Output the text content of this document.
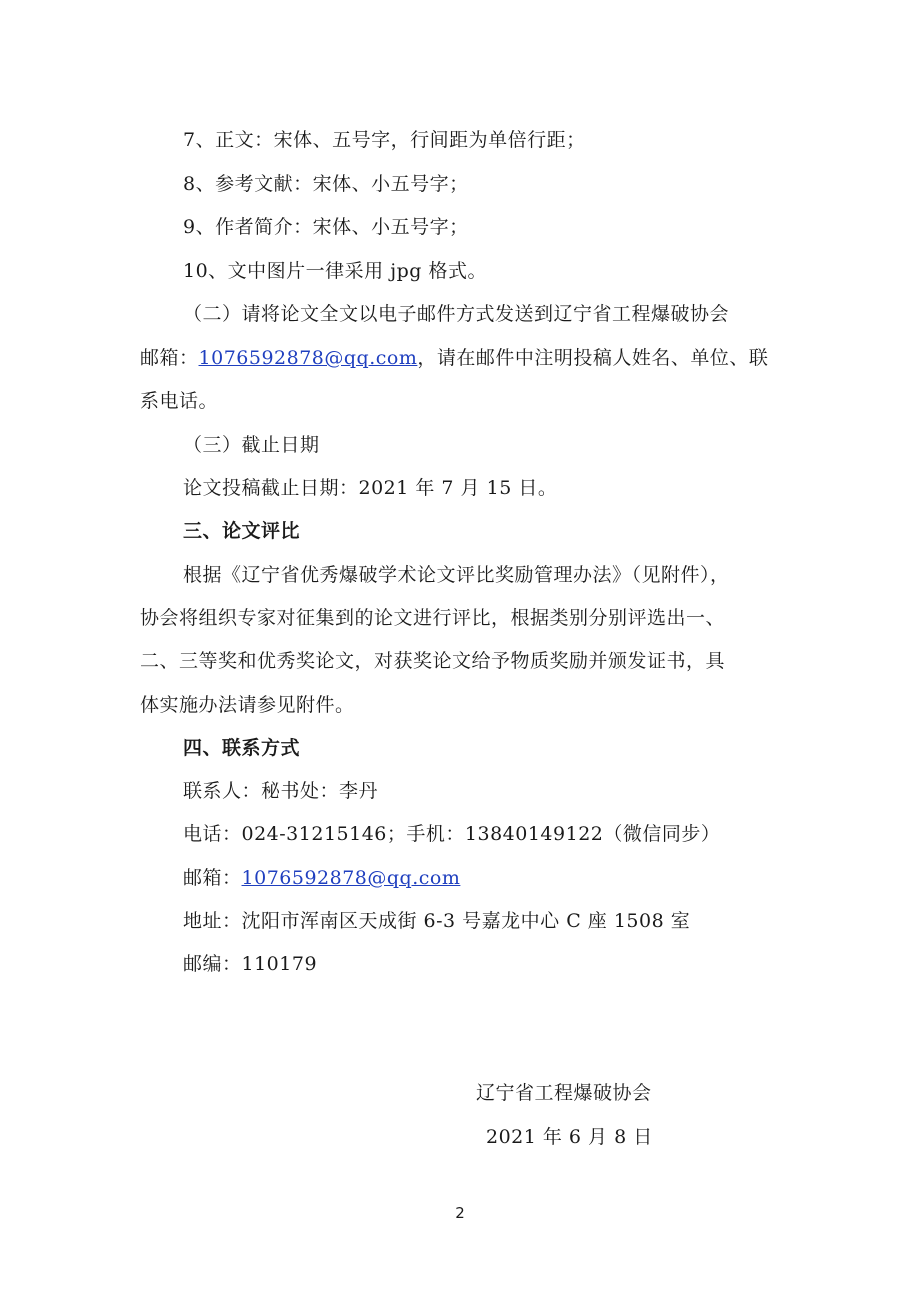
7、正文：宋体、五号字，行间距为单倍行距；
8、参考文献：宋体、小五号字；
9、作者简介：宋体、小五号字；
10、文中图片一律采用 jpg 格式。
（二）请将论文全文以电子邮件方式发送到辽宁省工程爆破协会
邮箱：1076592878@qq.com，请在邮件中注明投稿人姓名、单位、联
系电话。
（三）截止日期
论文投稿截止日期：2021 年 7 月 15 日。
三、论文评比
根据《辽宁省优秀爆破学术论文评比奖励管理办法》（见附件），
协会将组织专家对征集到的论文进行评比，根据类别分别评选出一、
二、三等奖和优秀奖论文，对获奖论文给予物质奖励并颁发证书，具
体实施办法请参见附件。
四、联系方式
联系人：秘书处：李丹
电话：024-31215146；手机：13840149122（微信同步）
邮箱：1076592878@qq.com
地址：沈阳市浑南区天成街 6-3 号嘉龙中心 C 座 1508 室
邮编：110179
辽宁省工程爆破协会
2021 年 6 月 8 日
2
